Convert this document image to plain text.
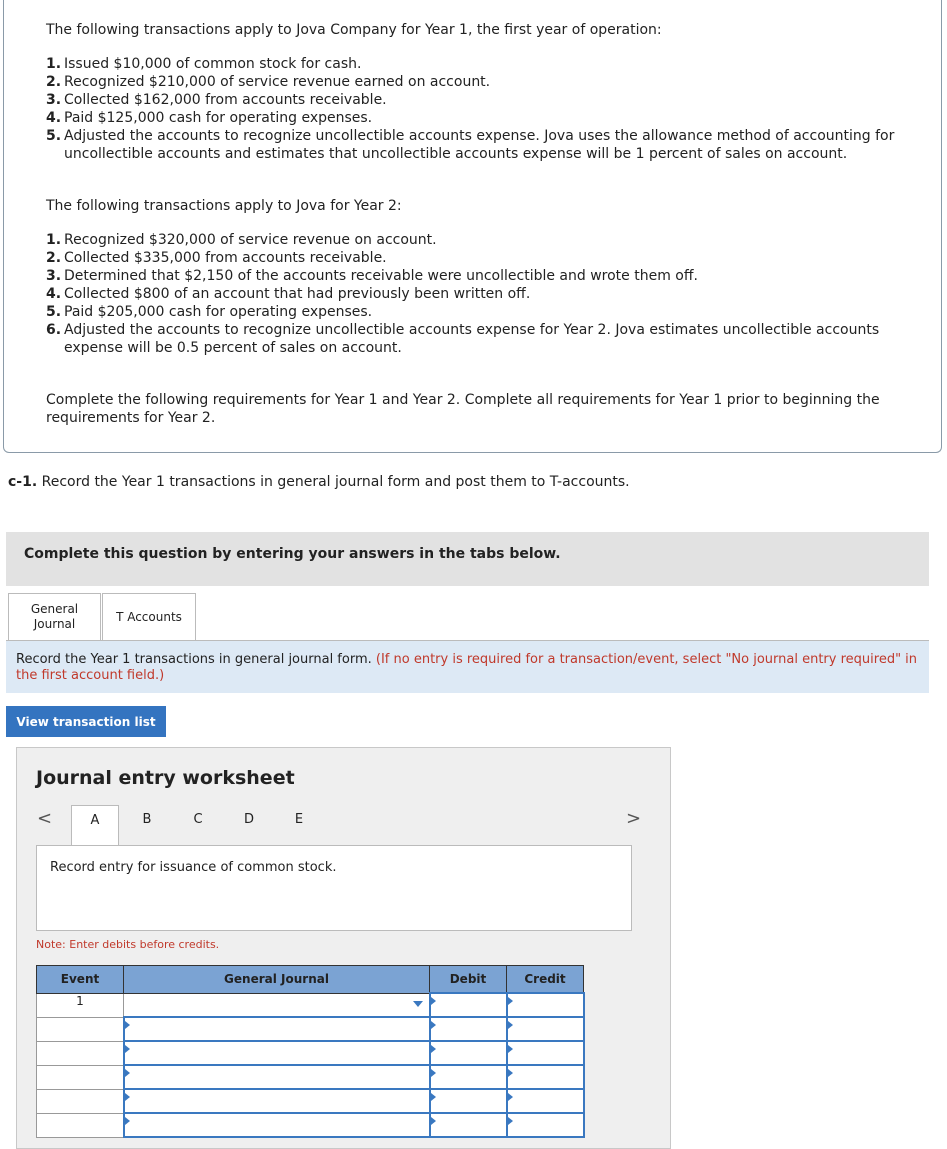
The following transactions apply to Jova Company for Year 1, the first year of operation:
1. Issued $10,000 of common stock for cash.
2. Recognized $210,000 of service revenue earned on account.
3. Collected $162,000 from accounts receivable.
4. Paid $125,000 cash for operating expenses.
5. Adjusted the accounts to recognize uncollectible accounts expense. Jova uses the allowance method of accounting for uncollectible accounts and estimates that uncollectible accounts expense will be 1 percent of sales on account.
The following transactions apply to Jova for Year 2:
1. Recognized $320,000 of service revenue on account.
2. Collected $335,000 from accounts receivable.
3. Determined that $2,150 of the accounts receivable were uncollectible and wrote them off.
4. Collected $800 of an account that had previously been written off.
5. Paid $205,000 cash for operating expenses.
6. Adjusted the accounts to recognize uncollectible accounts expense for Year 2. Jova estimates uncollectible accounts expense will be 0.5 percent of sales on account.
Complete the following requirements for Year 1 and Year 2. Complete all requirements for Year 1 prior to beginning the requirements for Year 2.
c-1. Record the Year 1 transactions in general journal form and post them to T-accounts.
Complete this question by entering your answers in the tabs below.
General Journal
T Accounts
Record the Year 1 transactions in general journal form. (If no entry is required for a transaction/event, select "No journal entry required" in the first account field.)
View transaction list
Journal entry worksheet
<	>
A	B	C	D	E
Record entry for issuance of common stock.
Note: Enter debits before credits.
Event	General Journal	Debit	Credit
1	
